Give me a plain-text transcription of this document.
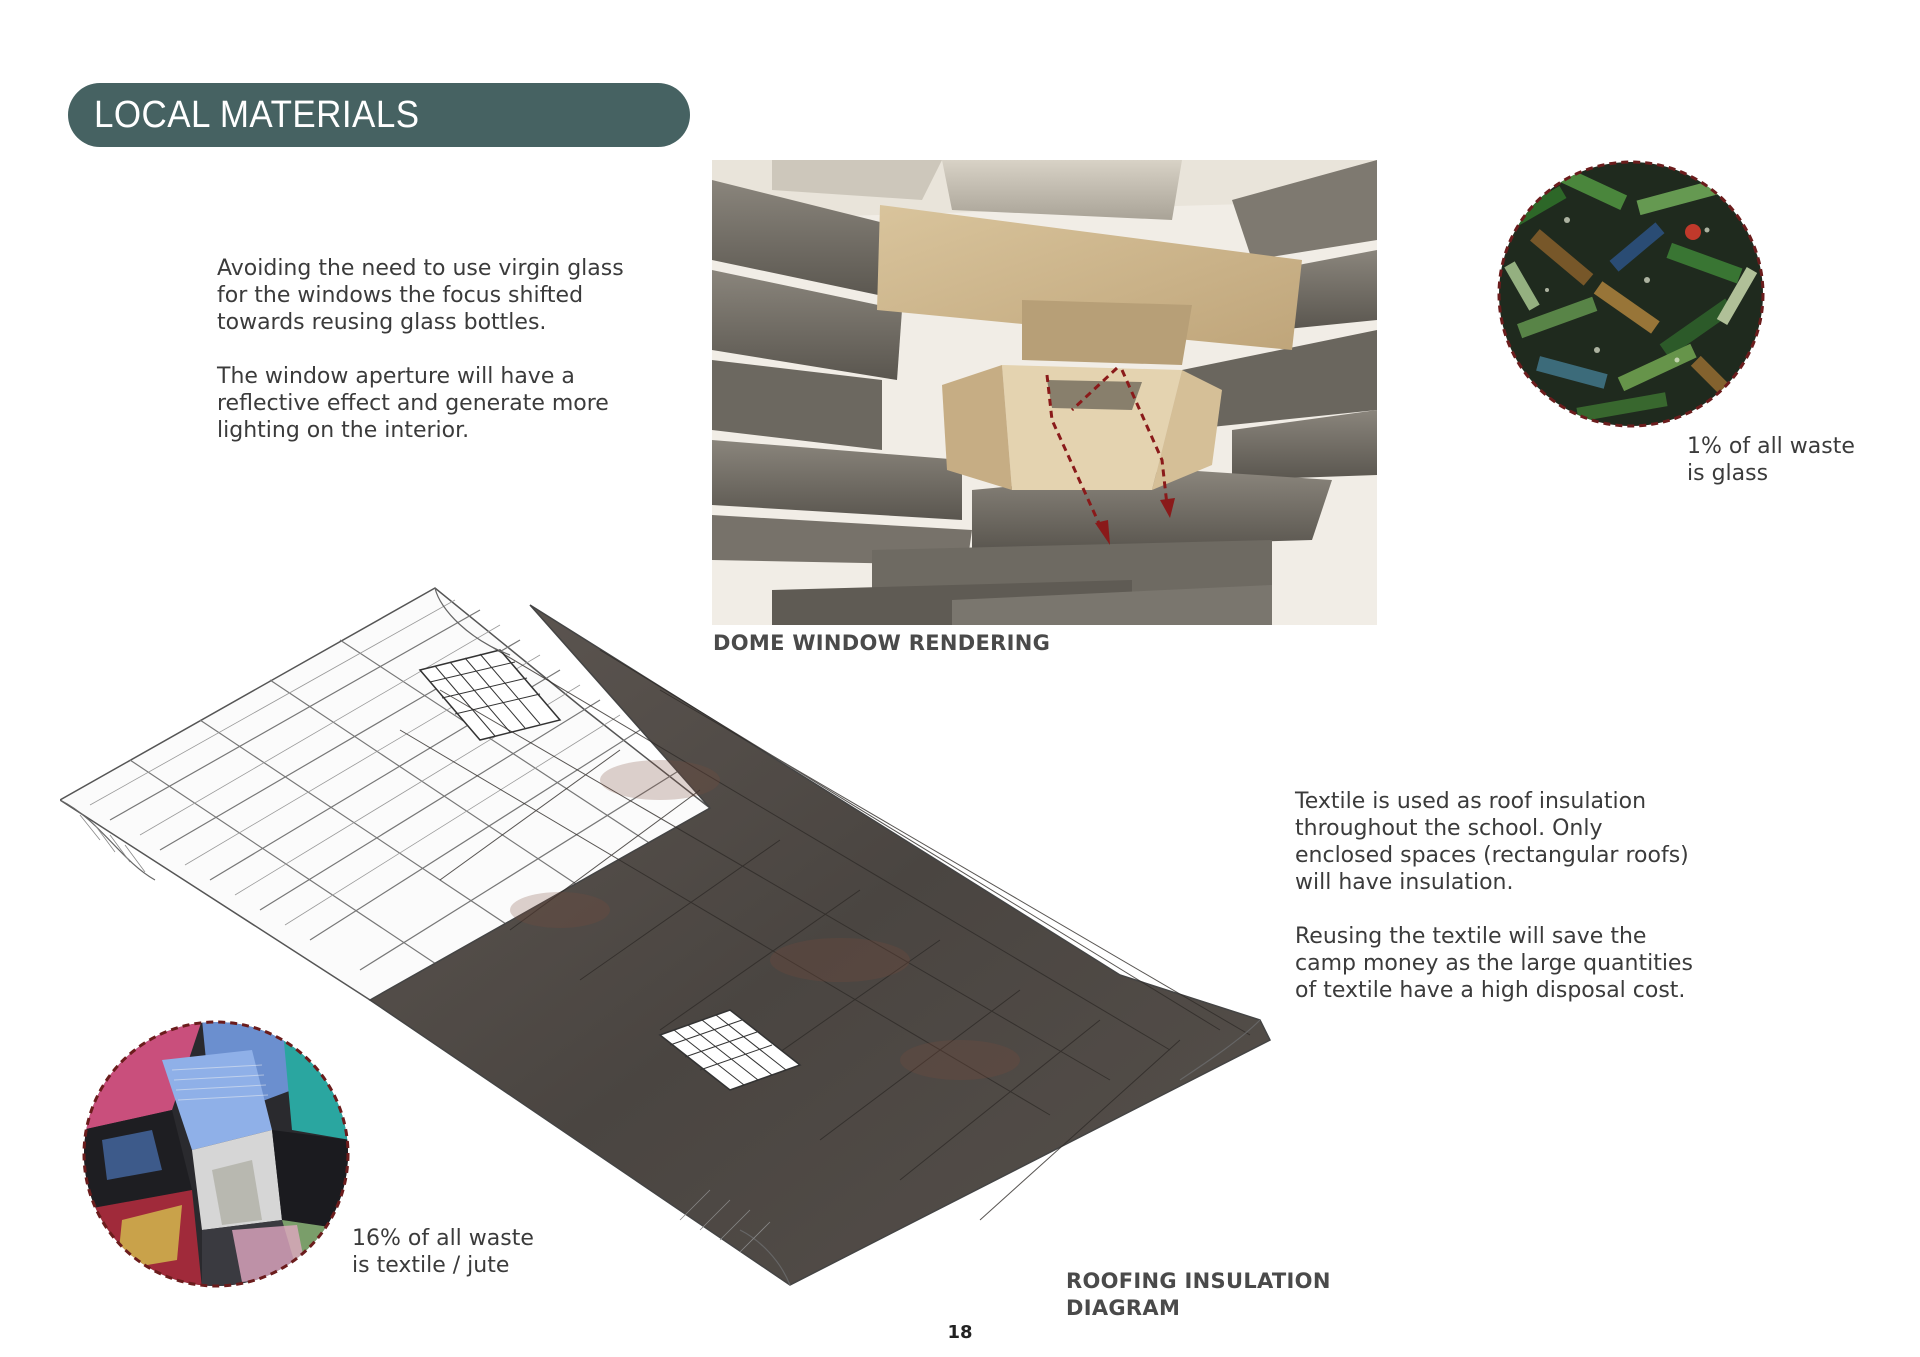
LOCAL MATERIALS

Avoiding the need to use virgin glass
for the windows the focus shifted
towards reusing glass bottles.

The window aperture will have a
reflective effect and generate more
lighting on the interior.

DOME WINDOW RENDERING

1% of all waste
is glass

ROOFING INSULATION
DIAGRAM

Textile is used as roof insulation
throughout the school. Only
enclosed spaces (rectangular roofs)
will have insulation.

Reusing the textile will save the
camp money as the large quantities
of textile have a high disposal cost.

16% of all waste
is textile / jute

18
